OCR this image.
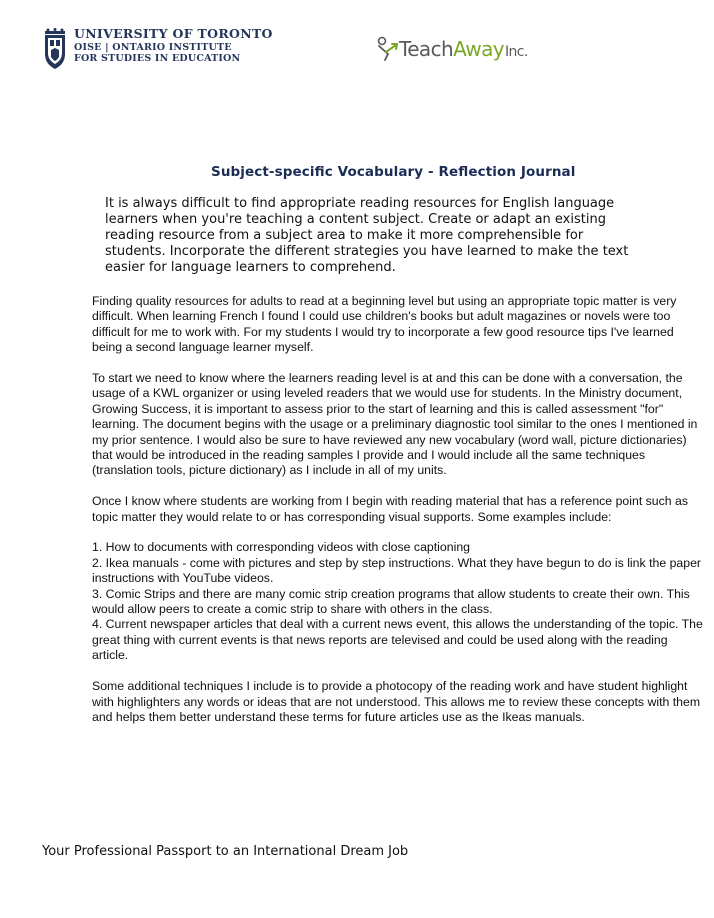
UNIVERSITY OF TORONTO
OISE | ONTARIO INSTITUTE
FOR STUDIES IN EDUCATION	TeachAwayInc.
Subject-speciﬁc Vocabulary - Reﬂection Journal
It is always difficult to find appropriate reading resources for English language learners when you're teaching a content subject. Create or adapt an existing reading resource from a subject area to make it more comprehensible for students. Incorporate the different strategies you have learned to make the text easier for language learners to comprehend.

Finding quality resources for adults to read at a beginning level but using an appropriate topic matter is very difficult. When learning French I found I could use children's books but adult magazines or novels were too difficult for me to work with. For my students I would try to incorporate a few good resource tips I've learned being a second language learner myself.

To start we need to know where the learners reading level is at and this can be done with a conversation, the usage of a KWL organizer or using leveled readers that we would use for students. In the Ministry document, Growing Success, it is important to assess prior to the start of learning and this is called assessment "for" learning. The document begins with the usage or a preliminary diagnostic tool similar to the ones I mentioned in my prior sentence. I would also be sure to have reviewed any new vocabulary (word wall, picture dictionaries) that would be introduced in the reading samples I provide and I would include all the same techniques (translation tools, picture dictionary) as I include in all of my units.

Once I know where students are working from I begin with reading material that has a reference point such as topic matter they would relate to or has corresponding visual supports. Some examples include:

1. How to documents with corresponding videos with close captioning
2. Ikea manuals - come with pictures and step by step instructions. What they have begun to do is link the paper instructions with YouTube videos.
3. Comic Strips and there are many comic strip creation programs that allow students to create their own. This would allow peers to create a comic strip to share with others in the class.
4. Current newspaper articles that deal with a current news event, this allows the understanding of the topic. The great thing with current events is that news reports are televised and could be used along with the reading article.

Some additional techniques I include is to provide a photocopy of the reading work and have student highlight with highlighters any words or ideas that are not understood. This allows me to review these concepts with them and helps them better understand these terms for future articles use as the Ikeas manuals.

Your Professional Passport to an International Dream Job
